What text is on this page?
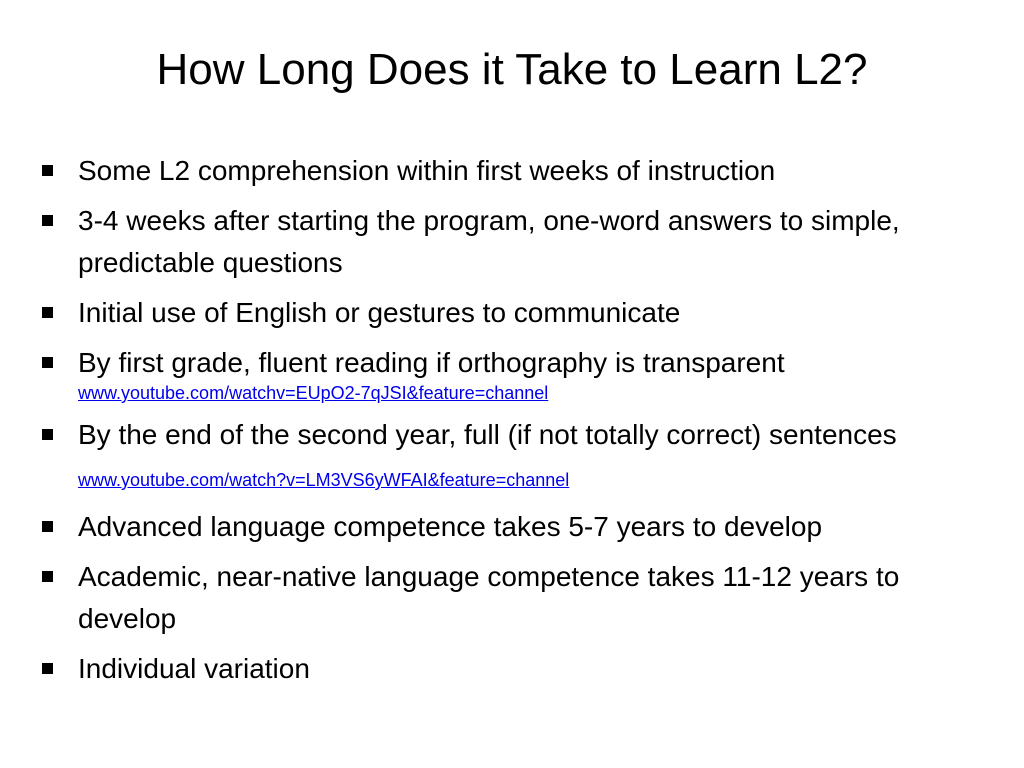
How Long Does it Take to Learn L2?
Some L2 comprehension within first weeks of instruction
3-4 weeks after starting the program, one-word answers to simple, predictable questions
Initial use of English or gestures to communicate
By first grade, fluent reading if orthography is transparent
www.youtube.com/watchv=EUpO2-7qJSI&feature=channel
By the end of the second year, full (if not totally correct) sentences www.youtube.com/watch?v=LM3VS6yWFAI&feature=channel
Advanced language competence takes 5-7 years to develop
Academic, near-native language competence takes 11-12 years to develop
Individual variation
